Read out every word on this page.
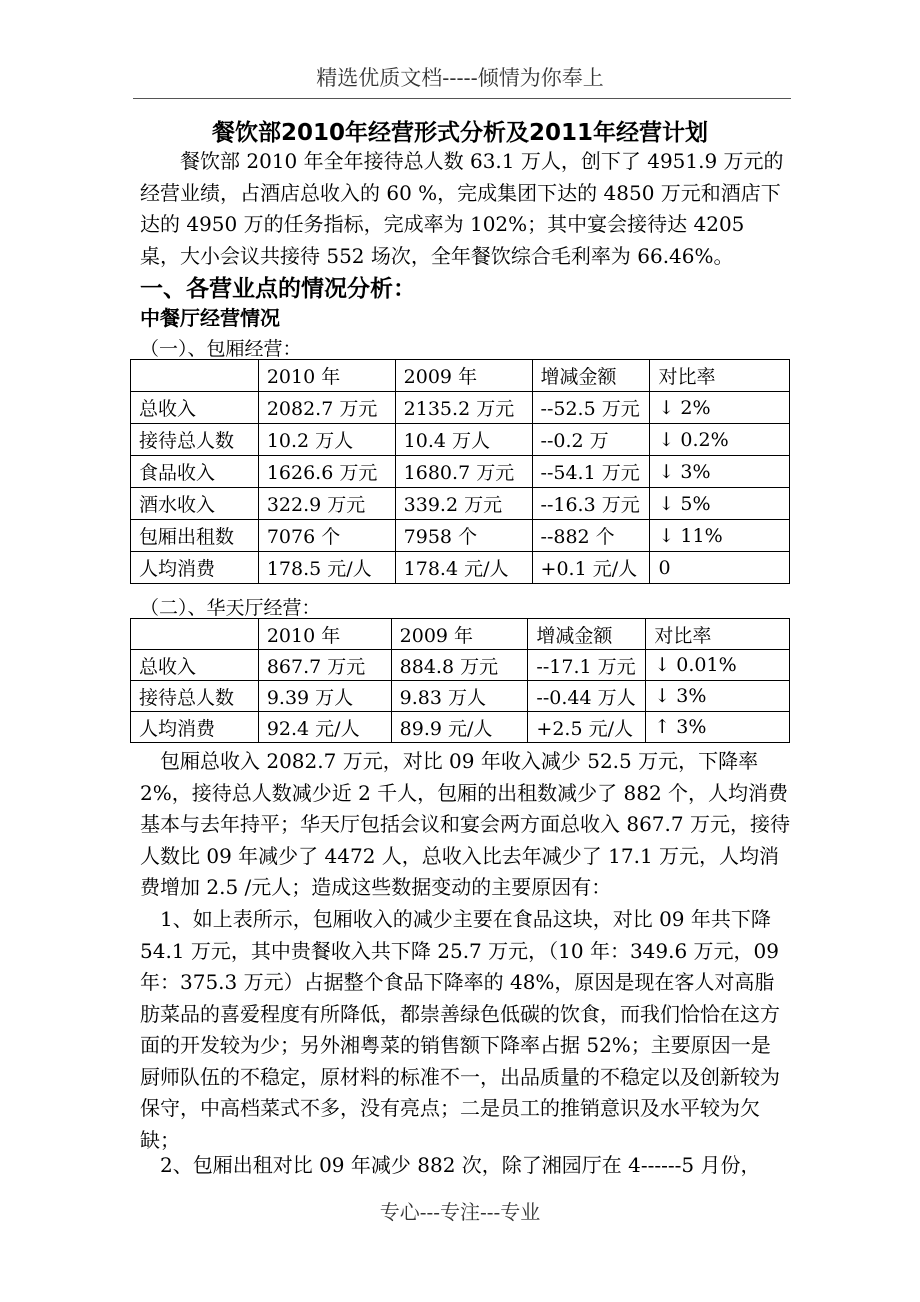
精选优质文档-----倾情为你奉上
餐饮部2010年经营形式分析及2011年经营计划

餐饮部 2010 年全年接待总人数 63.1 万人，创下了 4951.9 万元的经营业绩，占酒店总收入的 60 %，完成集团下达的 4850 万元和酒店下达的 4950 万的任务指标，完成率为 102%；其中宴会接待达 4205 桌，大小会议共接待 552 场次，全年餐饮综合毛利率为 66.46%。

一、各营业点的情况分析：
中餐厅经营情况
（一）、包厢经营：
	2010 年	2009 年	增减金额	对比率
总收入	2082.7 万元	2135.2 万元	--52.5 万元	↓ 2%
接待总人数	10.2 万人	10.4 万人	--0.2 万	↓ 0.2%
食品收入	1626.6 万元	1680.7 万元	--54.1 万元	↓ 3%
酒水收入	322.9 万元	339.2 万元	--16.3 万元	↓ 5%
包厢出租数	7076 个	7958 个	--882 个	↓ 11%
人均消费	178.5 元/人	178.4 元/人	+0.1 元/人	0
（二）、华天厅经营：
	2010 年	2009 年	增减金额	对比率
总收入	867.7 万元	884.8 万元	--17.1 万元	↓ 0.01%
接待总人数	9.39 万人	9.83 万人	--0.44 万人	↓ 3%
人均消费	92.4 元/人	89.9 元/人	+2.5 元/人	↑ 3%

包厢总收入 2082.7 万元，对比 09 年收入减少 52.5 万元，下降率 2%，接待总人数减少近 2 千人，包厢的出租数减少了 882 个，人均消费基本与去年持平；华天厅包括会议和宴会两方面总收入 867.7 万元，接待人数比 09 年减少了 4472 人，总收入比去年减少了 17.1 万元，人均消费增加 2.5 /元人；造成这些数据变动的主要原因有：

1、如上表所示，包厢收入的减少主要在食品这块，对比 09 年共下降 54.1 万元，其中贵餐收入共下降 25.7 万元，（10 年：349.6 万元，09 年：375.3 万元）占据整个食品下降率的 48%，原因是现在客人对高脂肪菜品的喜爱程度有所降低，都崇善绿色低碳的饮食，而我们恰恰在这方面的开发较为少；另外湘粤菜的销售额下降率占据 52%；主要原因一是厨师队伍的不稳定，原材料的标准不一，出品质量的不稳定以及创新较为保守，中高档菜式不多，没有亮点；二是员工的推销意识及水平较为欠缺；

2、包厢出租对比 09 年减少 882 次，除了湘园厅在 4------5 月份，

专心---专注---专业
